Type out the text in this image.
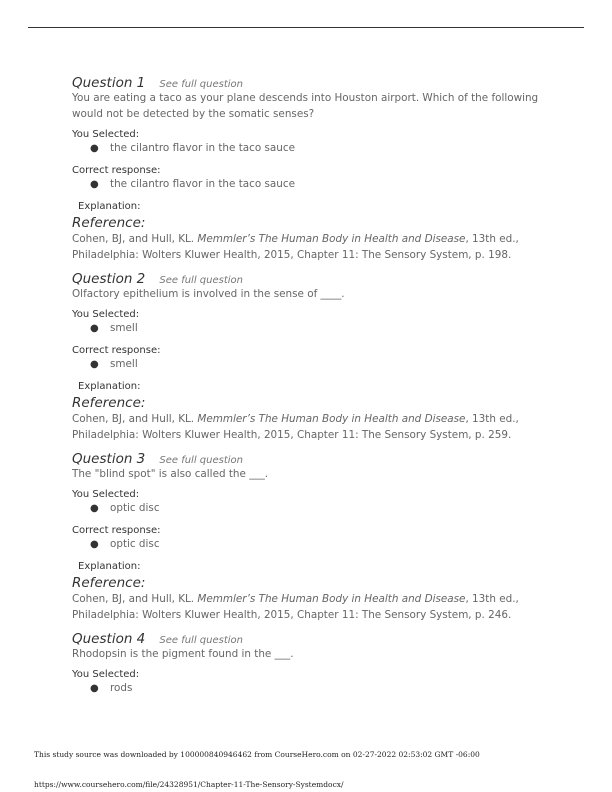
Question 1 See full question
You are eating a taco as your plane descends into Houston airport. Which of the following would not be detected by the somatic senses?
You Selected:
● the cilantro flavor in the taco sauce
Correct response:
● the cilantro flavor in the taco sauce
Explanation:
Reference:
Cohen, BJ, and Hull, KL. Memmler’s The Human Body in Health and Disease, 13th ed., Philadelphia: Wolters Kluwer Health, 2015, Chapter 11: The Sensory System, p. 198.
Question 2 See full question
Olfactory epithelium is involved in the sense of ____.
You Selected:
● smell
Correct response:
● smell
Explanation:
Reference:
Cohen, BJ, and Hull, KL. Memmler’s The Human Body in Health and Disease, 13th ed., Philadelphia: Wolters Kluwer Health, 2015, Chapter 11: The Sensory System, p. 259.
Question 3 See full question
The "blind spot" is also called the ___.
You Selected:
● optic disc
Correct response:
● optic disc
Explanation:
Reference:
Cohen, BJ, and Hull, KL. Memmler’s The Human Body in Health and Disease, 13th ed., Philadelphia: Wolters Kluwer Health, 2015, Chapter 11: The Sensory System, p. 246.
Question 4 See full question
Rhodopsin is the pigment found in the ___.
You Selected:
● rods
This study source was downloaded by 100000840946462 from CourseHero.com on 02-27-2022 02:53:02 GMT -06:00
https://www.coursehero.com/file/24328951/Chapter-11-The-Sensory-Systemdocx/
